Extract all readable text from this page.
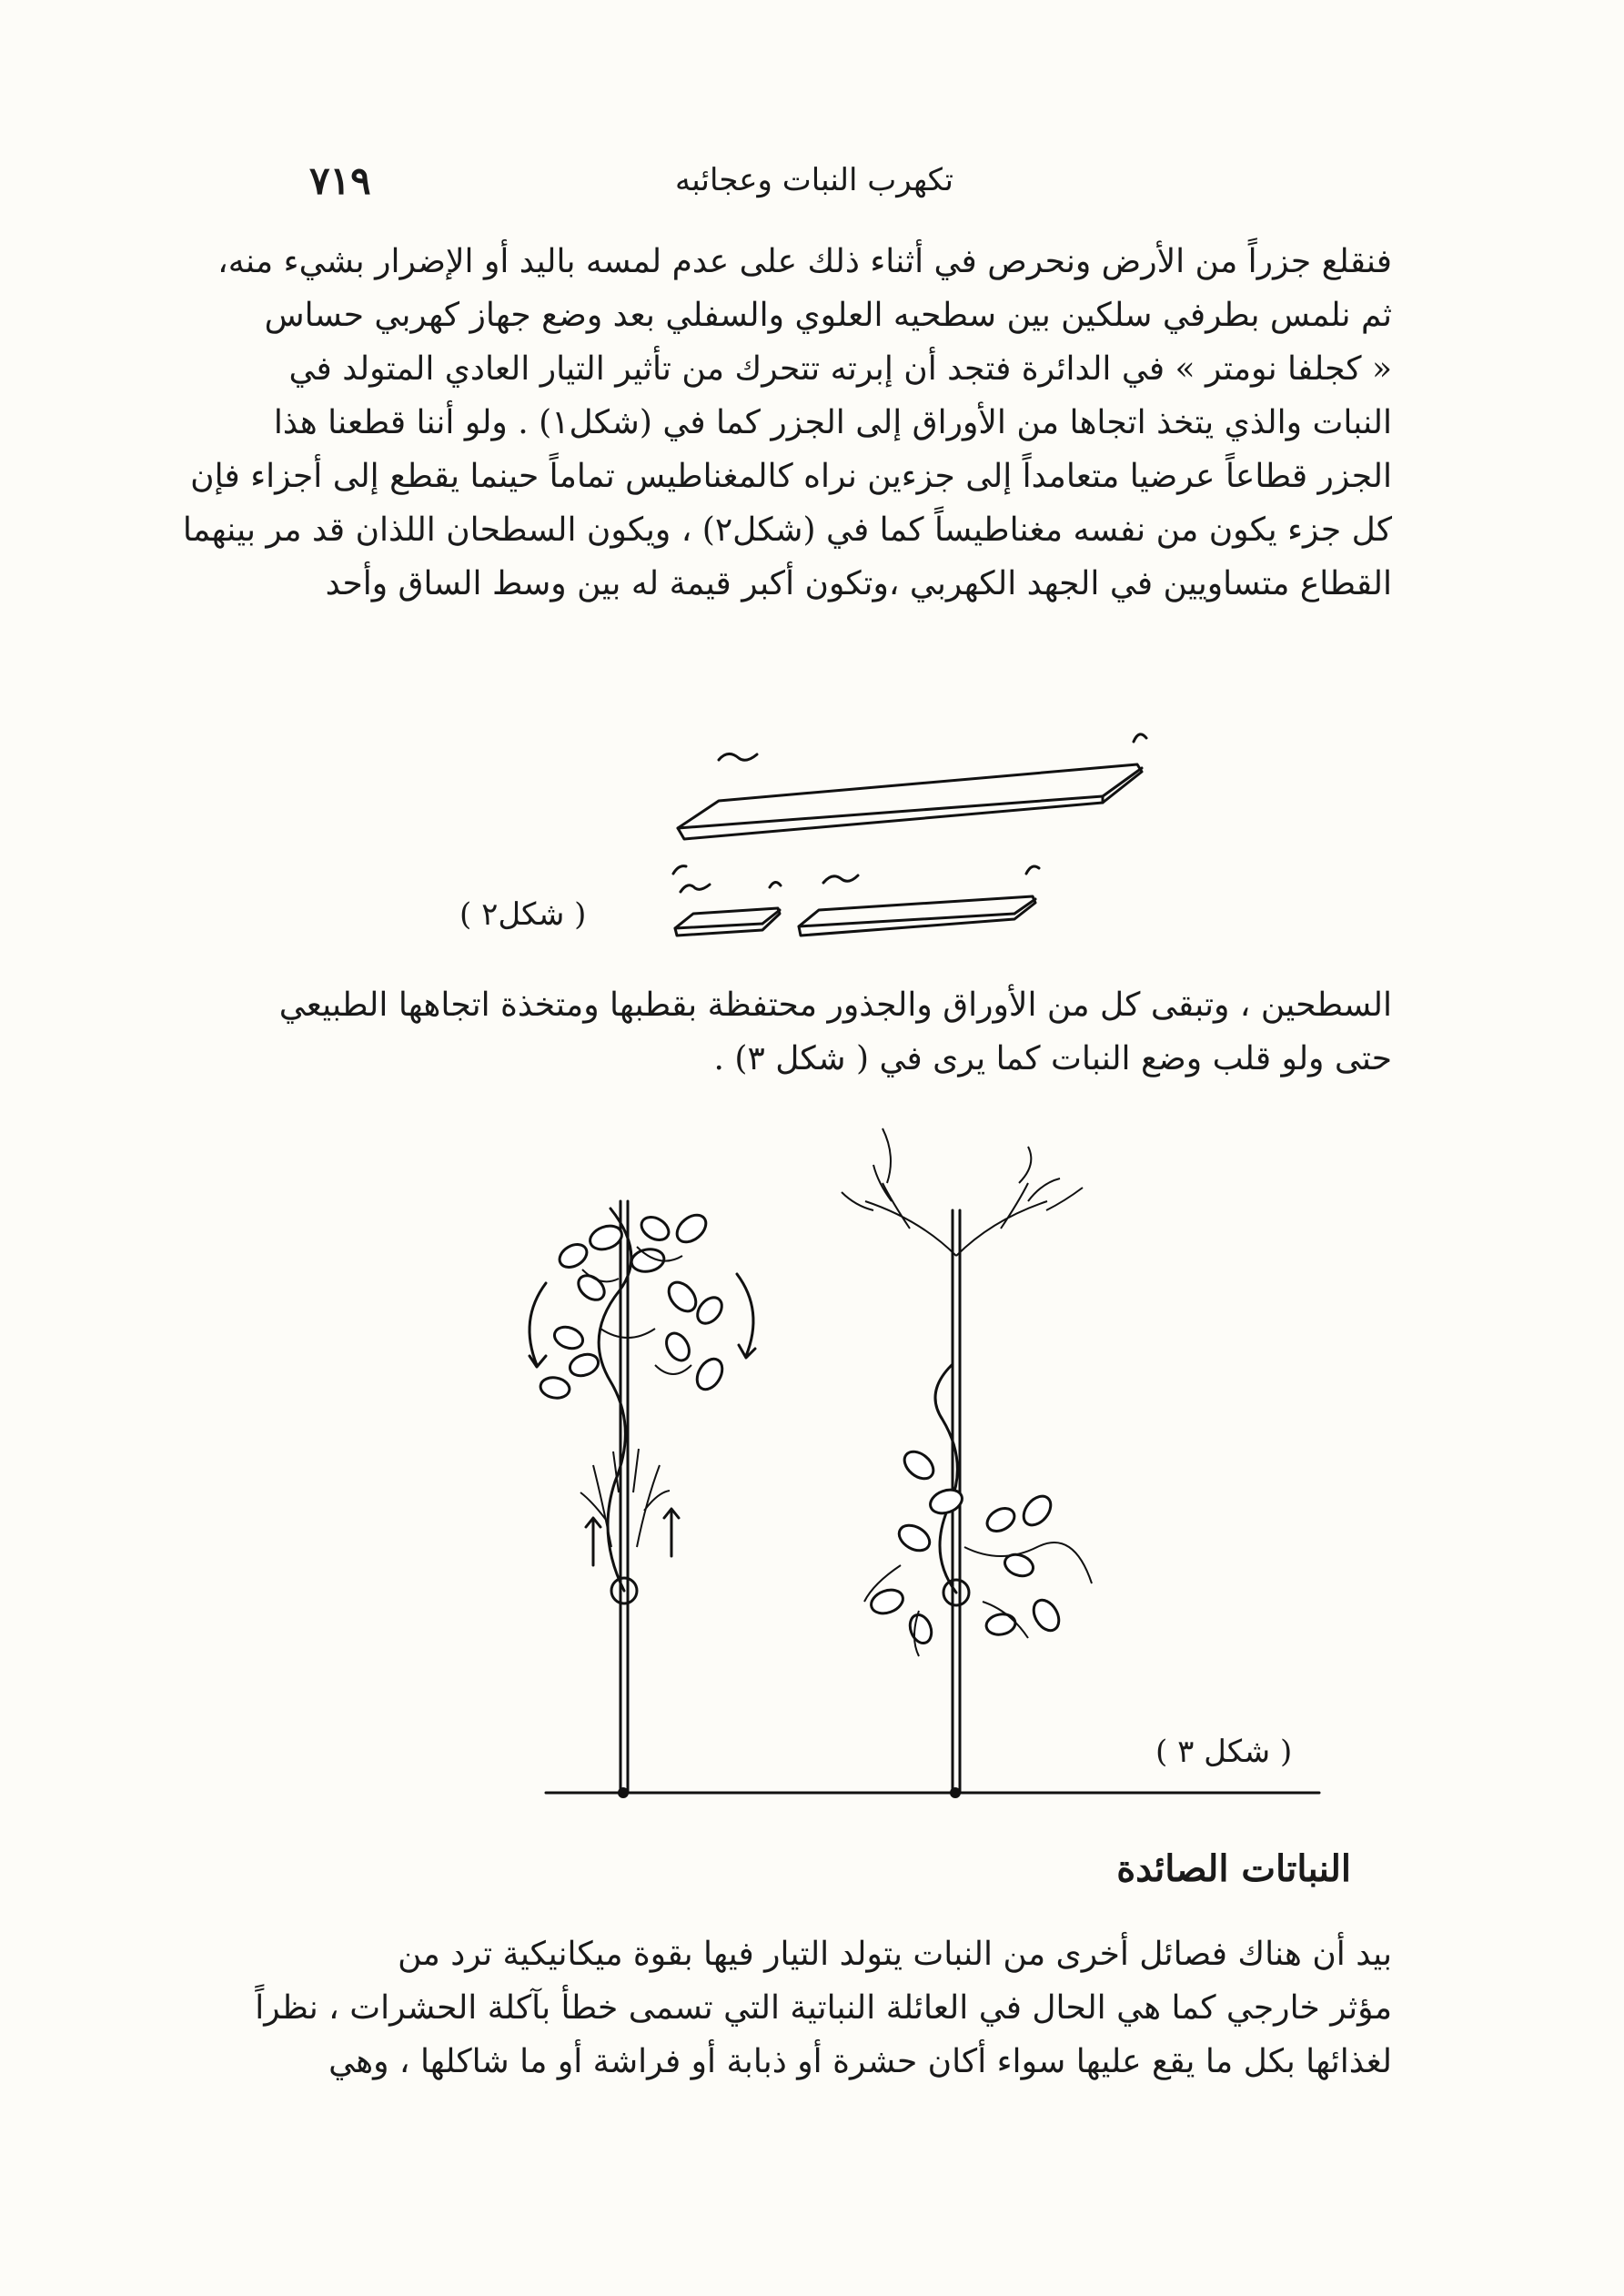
تكهرب النبات وعجائبه
٧١٩
فنقلع جزراً من الأرض ونحرص في أثناء ذلك على عدم لمسه باليد أو الإضرار بشيء منه،
ثم نلمس بطرفي سلكين بين سطحيه العلوي والسفلي بعد وضع جهاز كهربي حساس
« كجلفا نومتر » في الدائرة فتجد أن إبرته تتحرك من تأثير التيار العادي المتولد في
النبات والذي يتخذ اتجاها من الأوراق إلى الجزر كما في (شكل١) . ولو أننا قطعنا هذا
الجزر قطاعاً عرضيا متعامداً إلى جزءين نراه كالمغناطيس تماماً حينما يقطع إلى أجزاء فإن
كل جزء يكون من نفسه مغناطيساً كما في (شكل٢) ، ويكون السطحان اللذان قد مر بينهما
القطاع متساويين في الجهد الكهربي ،وتكون أكبر قيمة له بين وسط الساق وأحد
( شكل٢ )
السطحين ، وتبقى كل من الأوراق والجذور محتفظة بقطبها ومتخذة اتجاهها الطبيعي
حتى ولو قلب وضع النبات كما يرى في ( شكل ٣) .
( شكل ٣ )
النباتات الصائدة
بيد أن هناك فصائل أخرى من النبات يتولد التيار فيها بقوة ميكانيكية ترد من
مؤثر خارجي كما هي الحال في العائلة النباتية التي تسمى خطأ بآكلة الحشرات ، نظراً
لغذائها بكل ما يقع عليها سواء أكان حشرة أو ذبابة أو فراشة أو ما شاكلها ، وهي
